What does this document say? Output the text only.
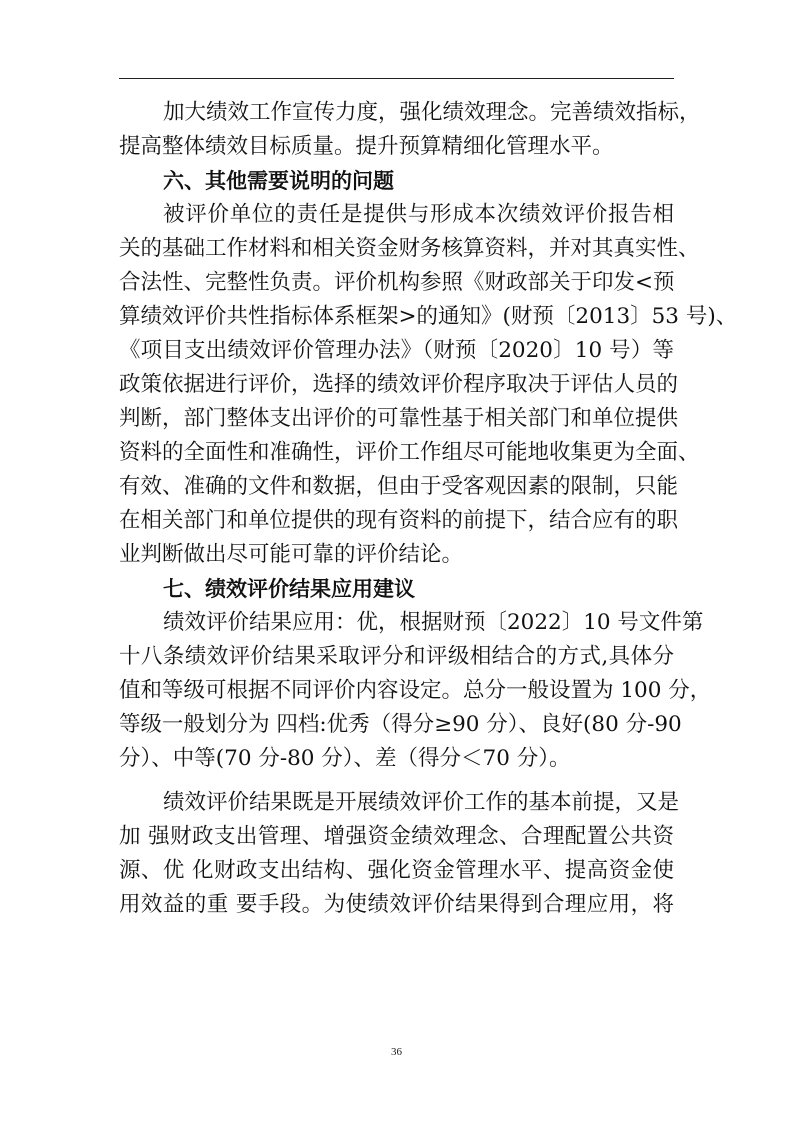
加大绩效工作宣传力度，强化绩效理念。完善绩效指标，
提高整体绩效目标质量。提升预算精细化管理水平。
六、其他需要说明的问题
被评价单位的责任是提供与形成本次绩效评价报告相
关的基础工作材料和相关资金财务核算资料，并对其真实性、
合法性、完整性负责。评价机构参照《财政部关于印发<预
算绩效评价共性指标体系框架>的通知》(财预〔2013〕53 号)、
《项目支出绩效评价管理办法》（财预〔2020〕10 号）等
政策依据进行评价，选择的绩效评价程序取决于评估人员的
判断，部门整体支出评价的可靠性基于相关部门和单位提供
资料的全面性和准确性，评价工作组尽可能地收集更为全面、
有效、准确的文件和数据，但由于受客观因素的限制，只能
在相关部门和单位提供的现有资料的前提下，结合应有的职
业判断做出尽可能可靠的评价结论。
七、绩效评价结果应用建议
绩效评价结果应用：优，根据财预〔2022〕10 号文件第
十八条绩效评价结果采取评分和评级相结合的方式,具体分
值和等级可根据不同评价内容设定。总分一般设置为 100 分，
等级一般划分为 四档:优秀（得分≥90 分）、良好(80 分-90
分）、中等(70 分-80 分）、差（得分＜70 分）。
绩效评价结果既是开展绩效评价工作的基本前提，又是
加 强财政支出管理、增强资金绩效理念、合理配置公共资
源、优 化财政支出结构、强化资金管理水平、提高资金使
用效益的重 要手段。为使绩效评价结果得到合理应用，将
36
